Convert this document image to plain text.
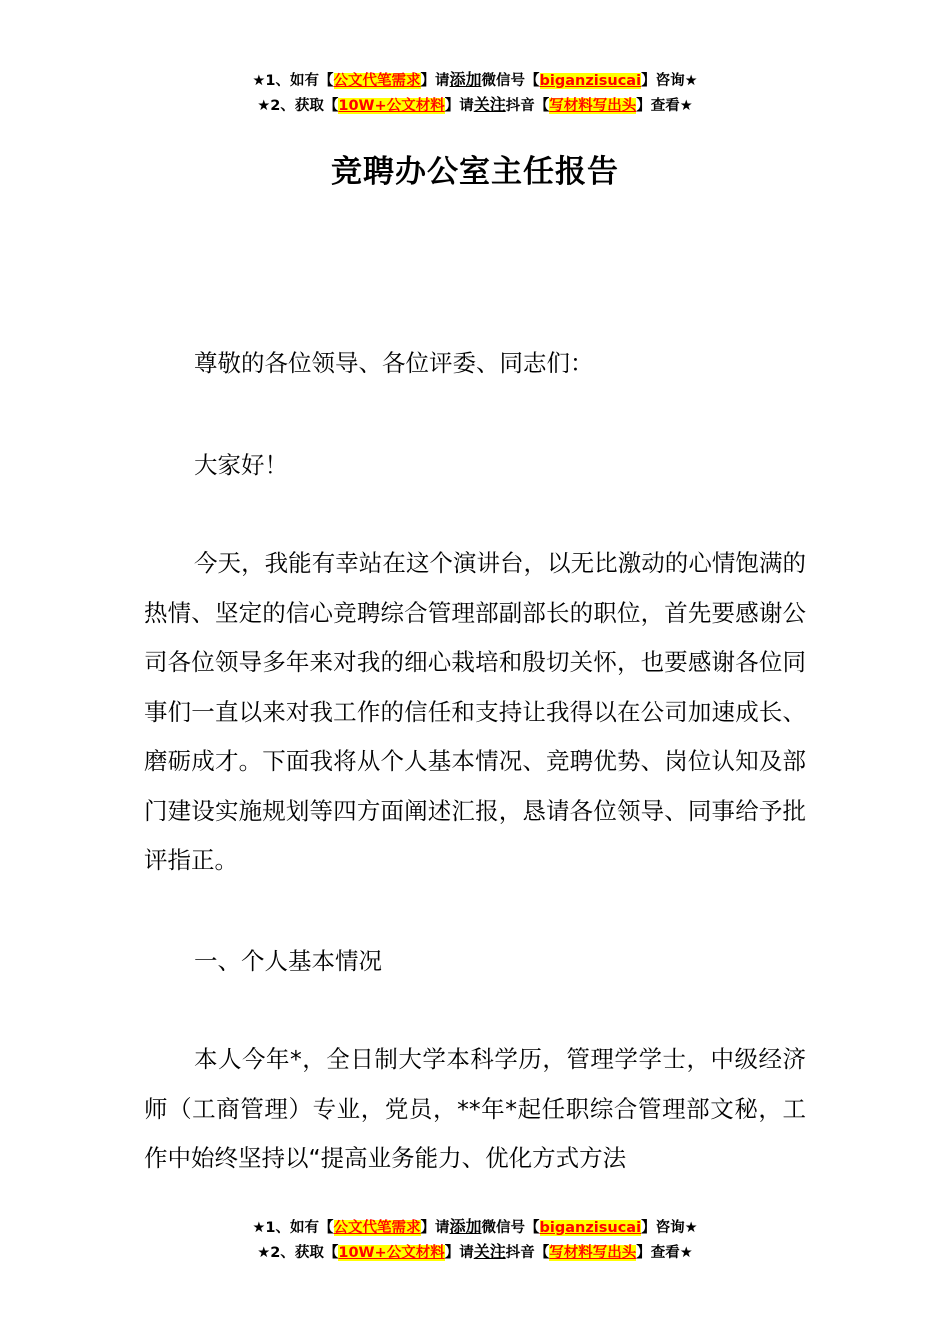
★1、如有【公文代笔需求】请添加微信号【biganzisucai】咨询★
★2、获取【10W+公文材料】请关注抖音【写材料写出头】查看★
竞聘办公室主任报告

尊敬的各位领导、各位评委、同志们：

大家好！

今天，我能有幸站在这个演讲台，以无比激动的心情饱满的热情、坚定的信心竞聘综合管理部副部长的职位，首先要感谢公司各位领导多年来对我的细心栽培和殷切关怀，也要感谢各位同事们一直以来对我工作的信任和支持让我得以在公司加速成长、磨砺成才。下面我将从个人基本情况、竞聘优势、岗位认知及部门建设实施规划等四方面阐述汇报，恳请各位领导、同事给予批评指正。

一、个人基本情况

本人今年*，全日制大学本科学历，管理学学士，中级经济师（工商管理）专业，党员，**年*起任职综合管理部文秘，工作中始终坚持以“提高业务能力、优化方式方法

★1、如有【公文代笔需求】请添加微信号【biganzisucai】咨询★
★2、获取【10W+公文材料】请关注抖音【写材料写出头】查看★
